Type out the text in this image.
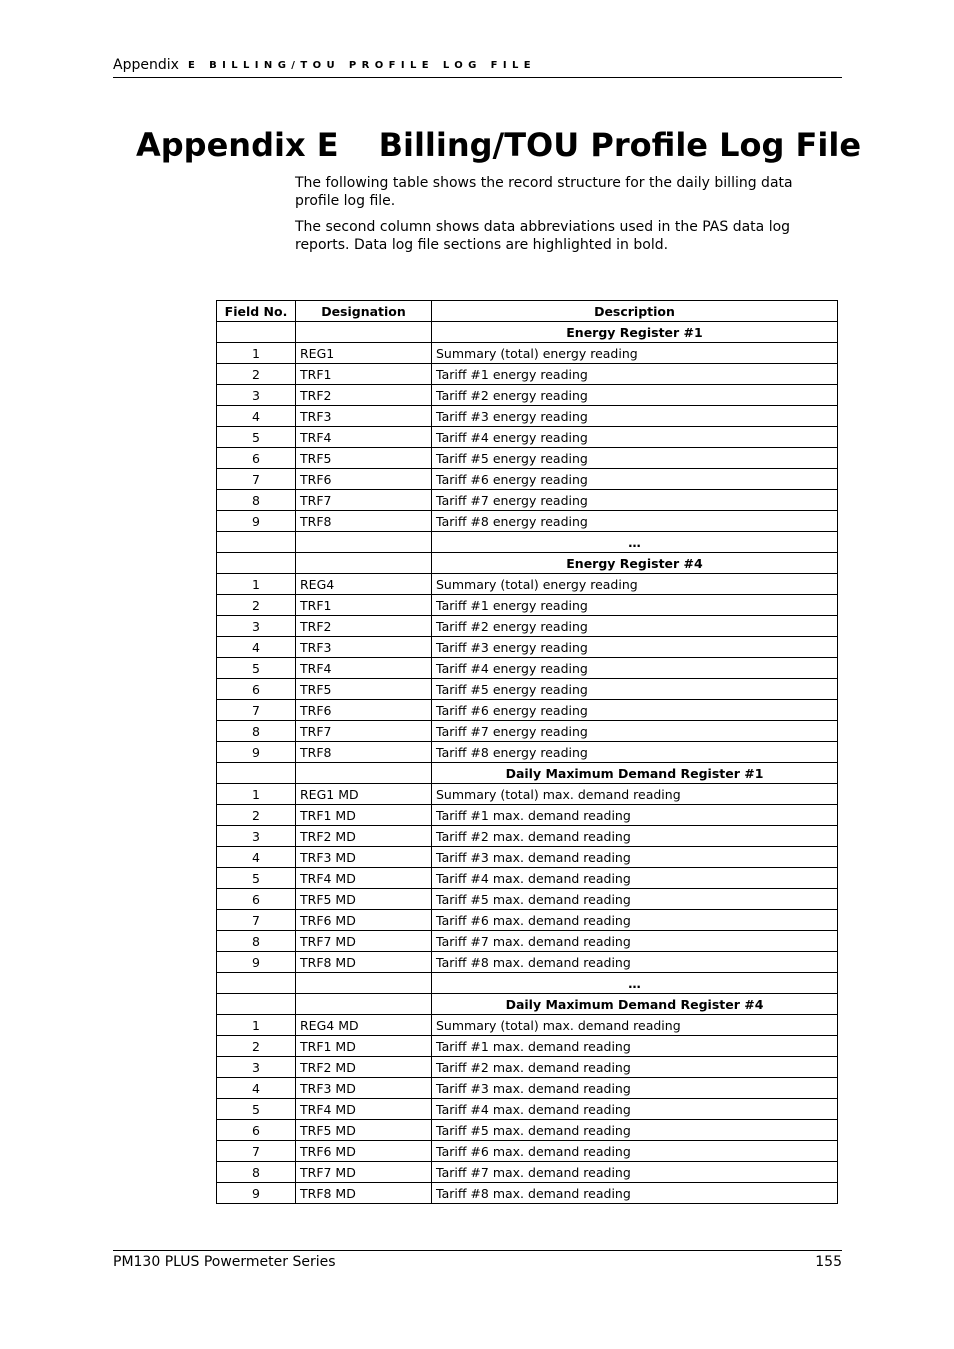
Appendix E BILLING/TOU PROFILE LOG FILE
Appendix E Billing/TOU Profile Log File

The following table shows the record structure for the daily billing data profile log file.

The second column shows data abbreviations used in the PAS data log reports. Data log file sections are highlighted in bold.

Field No.	Designation	Description
		Energy Register #1
1	REG1	Summary (total) energy reading
2	TRF1	Tariff #1 energy reading
3	TRF2	Tariff #2 energy reading
4	TRF3	Tariff #3 energy reading
5	TRF4	Tariff #4 energy reading
6	TRF5	Tariff #5 energy reading
7	TRF6	Tariff #6 energy reading
8	TRF7	Tariff #7 energy reading
9	TRF8	Tariff #8 energy reading
		…
		Energy Register #4
1	REG4	Summary (total) energy reading
2	TRF1	Tariff #1 energy reading
3	TRF2	Tariff #2 energy reading
4	TRF3	Tariff #3 energy reading
5	TRF4	Tariff #4 energy reading
6	TRF5	Tariff #5 energy reading
7	TRF6	Tariff #6 energy reading
8	TRF7	Tariff #7 energy reading
9	TRF8	Tariff #8 energy reading
		Daily Maximum Demand Register #1
1	REG1 MD	Summary (total) max. demand reading
2	TRF1 MD	Tariff #1 max. demand reading
3	TRF2 MD	Tariff #2 max. demand reading
4	TRF3 MD	Tariff #3 max. demand reading
5	TRF4 MD	Tariff #4 max. demand reading
6	TRF5 MD	Tariff #5 max. demand reading
7	TRF6 MD	Tariff #6 max. demand reading
8	TRF7 MD	Tariff #7 max. demand reading
9	TRF8 MD	Tariff #8 max. demand reading
		…
		Daily Maximum Demand Register #4
1	REG4 MD	Summary (total) max. demand reading
2	TRF1 MD	Tariff #1 max. demand reading
3	TRF2 MD	Tariff #2 max. demand reading
4	TRF3 MD	Tariff #3 max. demand reading
5	TRF4 MD	Tariff #4 max. demand reading
6	TRF5 MD	Tariff #5 max. demand reading
7	TRF6 MD	Tariff #6 max. demand reading
8	TRF7 MD	Tariff #7 max. demand reading
9	TRF8 MD	Tariff #8 max. demand reading
PM130 PLUS Powermeter Series	155
